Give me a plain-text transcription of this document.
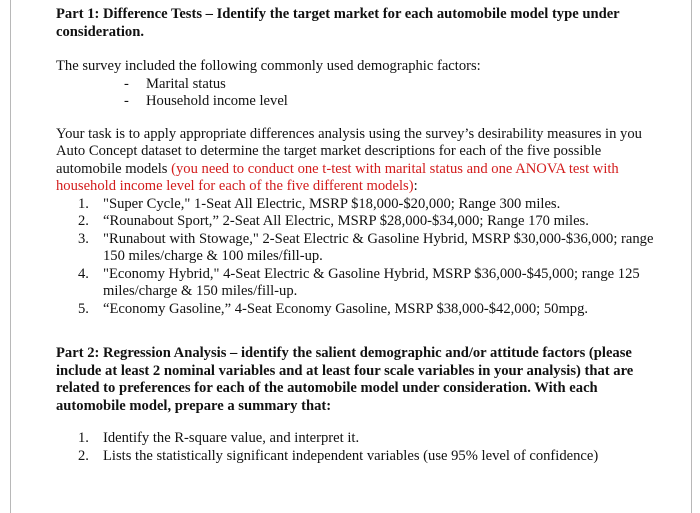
Part 1: Difference Tests – Identify the target market for each automobile model type under consideration.

The survey included the following commonly used demographic factors:

- Marital status
- Household income level

Your task is to apply appropriate differences analysis using the survey’s desirability measures in you Auto Concept dataset to determine the target market descriptions for each of the five possible automobile models (you need to conduct one t-test with marital status and one ANOVA test with household income level for each of the five different models):

1. "Super Cycle," 1-Seat All Electric, MSRP $18,000-$20,000; Range 300 miles.
2. “Rounabout Sport,” 2-Seat All Electric, MSRP $28,000-$34,000; Range 170 miles.
3. "Runabout with Stowage," 2-Seat Electric & Gasoline Hybrid, MSRP $30,000-$36,000; range 150 miles/charge & 100 miles/fill-up.
4. "Economy Hybrid," 4-Seat Electric & Gasoline Hybrid, MSRP $36,000-$45,000; range 125 miles/charge & 150 miles/fill-up.
5. “Economy Gasoline,” 4-Seat Economy Gasoline, MSRP $38,000-$42,000; 50mpg.

Part 2: Regression Analysis – identify the salient demographic and/or attitude factors (please include at least 2 nominal variables and at least four scale variables in your analysis) that are related to preferences for each of the automobile model under consideration. With each automobile model, prepare a summary that:

1. Identify the R-square value, and interpret it.
2. Lists the statistically significant independent variables (use 95% level of confidence)
